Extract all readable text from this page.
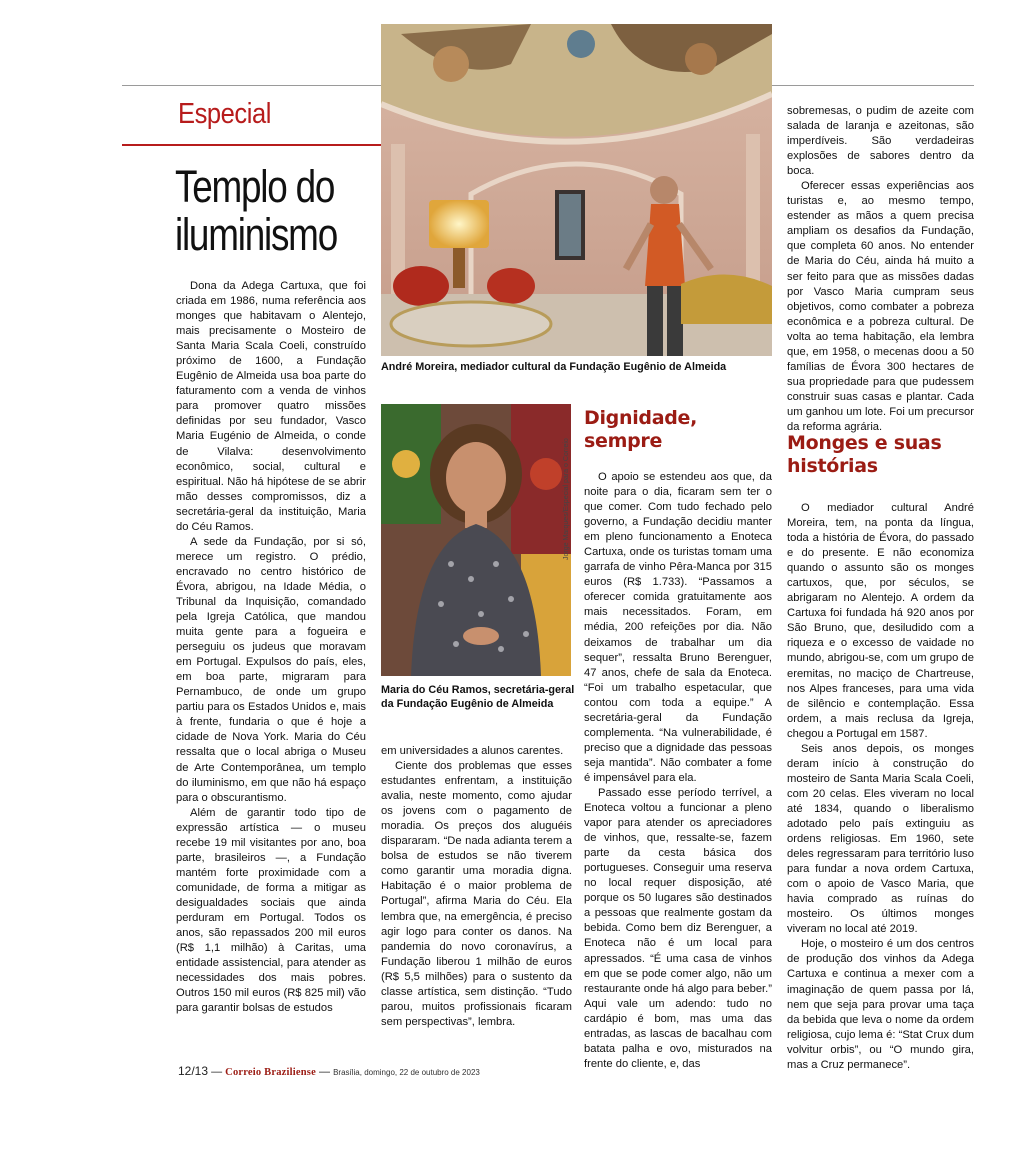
Especial
Templo do iluminismo
André Moreira, mediador cultural da Fundação Eugênio de Almeida
Jorge Marques/Especial para o Correio
Maria do Céu Ramos, secretária-geral da Fundação Eugênio de Almeida

Dona da Adega Cartuxa, que foi criada em 1986, numa referência aos monges que habitavam o Alentejo, mais precisamente o Mosteiro de Santa Maria Scala Coeli, construído próximo de 1600, a Fundação Eugênio de Almeida usa boa parte do faturamento com a venda de vinhos para promover quatro missões definidas por seu fundador, Vasco Maria Eugénio de Almeida, o conde de Vilalva: desenvolvimento econômico, social, cultural e espiritual. Não há hipótese de se abrir mão desses compromissos, diz a secretária-geral da instituição, Maria do Céu Ramos.

A sede da Fundação, por si só, merece um registro. O prédio, encravado no centro histórico de Évora, abrigou, na Idade Média, o Tribunal da Inquisição, comandado pela Igreja Católica, que mandou muita gente para a fogueira e perseguiu os judeus que moravam em Portugal. Expulsos do país, eles, em boa parte, migraram para Pernambuco, de onde um grupo partiu para os Estados Unidos e, mais à frente, fundaria o que é hoje a cidade de Nova York. Maria do Céu ressalta que o local abriga o Museu de Arte Contemporânea, um templo do iluminismo, em que não há espaço para o obscurantismo.

Além de garantir todo tipo de expressão artística — o museu recebe 19 mil visitantes por ano, boa parte, brasileiros —, a Fundação mantém forte proximidade com a comunidade, de forma a mitigar as desigualdades sociais que ainda perduram em Portugal. Todos os anos, são repassados 200 mil euros (R$ 1,1 milhão) à Caritas, uma entidade assistencial, para atender as necessidades dos mais pobres. Outros 150 mil euros (R$ 825 mil) vão para garantir bolsas de estudos

em universidades a alunos carentes.

Ciente dos problemas que esses estudantes enfrentam, a instituição avalia, neste momento, como ajudar os jovens com o pagamento de moradia. Os preços dos aluguéis dispararam. “De nada adianta terem a bolsa de estudos se não tiverem como garantir uma moradia digna. Habitação é o maior problema de Portugal”, afirma Maria do Céu. Ela lembra que, na emergência, é preciso agir logo para conter os danos. Na pandemia do novo coronavírus, a Fundação liberou 1 milhão de euros (R$ 5,5 milhões) para o sustento da classe artística, sem distinção. “Tudo parou, muitos profissionais ficaram sem perspectivas”, lembra.

Dignidade, sempre

O apoio se estendeu aos que, da noite para o dia, ficaram sem ter o que comer. Com tudo fechado pelo governo, a Fundação decidiu manter em pleno funcionamento a Enoteca Cartuxa, onde os turistas tomam uma garrafa de vinho Pêra-Manca por 315 euros (R$ 1.733). “Passamos a oferecer comida gratuitamente aos mais necessitados. Foram, em média, 200 refeições por dia. Não deixamos de trabalhar um dia sequer”, ressalta Bruno Berenguer, 47 anos, chefe de sala da Enoteca. “Foi um trabalho espetacular, que contou com toda a equipe.” A secretária-geral da Fundação complementa. “Na vulnerabilidade, é preciso que a dignidade das pessoas seja mantida”. Não combater a fome é impensável para ela.

Passado esse período terrível, a Enoteca voltou a funcionar a pleno vapor para atender os apreciadores de vinhos, que, ressalte-se, fazem parte da cesta básica dos portugueses. Conseguir uma reserva no local requer disposição, até porque os 50 lugares são destinados a pessoas que realmente gostam da bebida. Como bem diz Berenguer, a Enoteca não é um local para apressados. “É uma casa de vinhos em que se pode comer algo, não um restaurante onde há algo para beber.” Aqui vale um adendo: tudo no cardápio é bom, mas uma das entradas, as lascas de bacalhau com batata palha e ovo, misturados na frente do cliente, e, das

sobremesas, o pudim de azeite com salada de laranja e azeitonas, são imperdíveis. São verdadeiras explosões de sabores dentro da boca.

Oferecer essas experiências aos turistas e, ao mesmo tempo, estender as mãos a quem precisa ampliam os desafios da Fundação, que completa 60 anos. No entender de Maria do Céu, ainda há muito a ser feito para que as missões dadas por Vasco Maria cumpram seus objetivos, como combater a pobreza econômica e a pobreza cultural. De volta ao tema habitação, ela lembra que, em 1958, o mecenas doou a 50 famílias de Évora 300 hectares de sua propriedade para que pudessem construir suas casas e plantar. Cada um ganhou um lote. Foi um precursor da reforma agrária.

Monges e suas histórias

O mediador cultural André Moreira, tem, na ponta da língua, toda a história de Évora, do passado e do presente. E não economiza quando o assunto são os monges cartuxos, que, por séculos, se abrigaram no Alentejo. A ordem da Cartuxa foi fundada há 920 anos por São Bruno, que, desiludido com a riqueza e o excesso de vaidade no mundo, abrigou-se, com um grupo de eremitas, no maciço de Chartreuse, nos Alpes franceses, para uma vida de silêncio e contemplação. Essa ordem, a mais reclusa da Igreja, chegou a Portugal em 1587.

Seis anos depois, os monges deram início à construção do mosteiro de Santa Maria Scala Coeli, com 20 celas. Eles viveram no local até 1834, quando o liberalismo adotado pelo país extinguiu as ordens religiosas. Em 1960, sete deles regressaram para território luso para fundar a nova ordem Cartuxa, com o apoio de Vasco Maria, que havia comprado as ruínas do mosteiro. Os últimos monges viveram no local até 2019.

Hoje, o mosteiro é um dos centros de produção dos vinhos da Adega Cartuxa e continua a mexer com a imaginação de quem passa por lá, nem que seja para provar uma taça da bebida que leva o nome da ordem religiosa, cujo lema é: “Stat Crux dum volvitur orbis”, ou “O mundo gira, mas a Cruz permanece”.

12/13 — Correio Braziliense — Brasília, domingo, 22 de outubro de 2023
